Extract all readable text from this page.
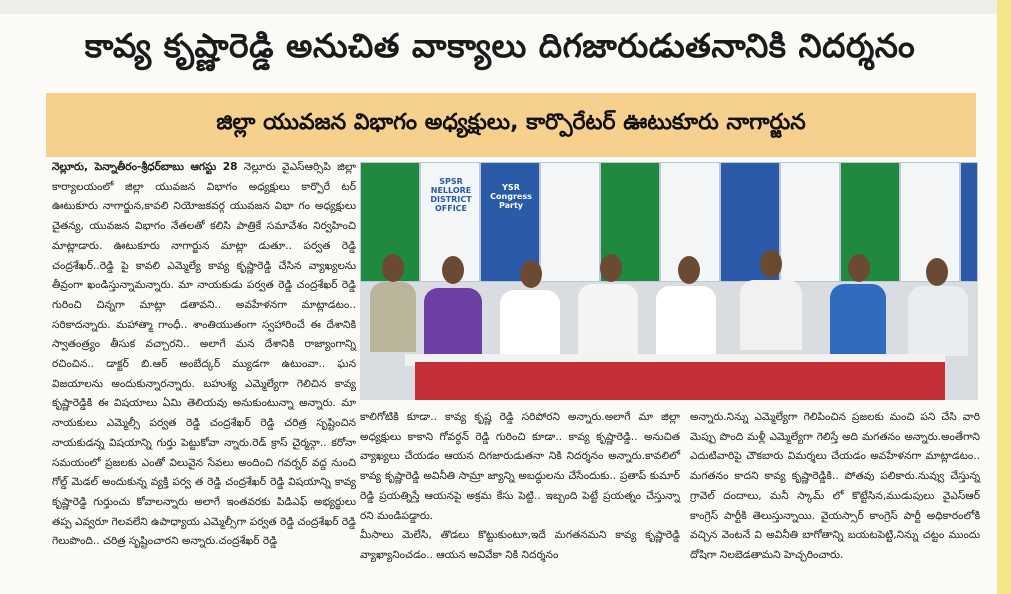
కావ్య కృష్ణారెడ్డి అనుచిత వాక్యాలు దిగజారుడుతనానికి నిదర్శనం
జిల్లా యువజన విభాగం అధ్యక్షులు, కార్పొరేటర్ ఊటుకూరు నాగార్జున

నెల్లూరు, పెన్నాతీరం-శ్రీధర్‌బాబు ఆగస్టు 28 నెల్లూరు వైఎస్ఆర్సిపి జిల్లా కార్యాలయంలో జిల్లా యువజన విభాగం అధ్యక్షులు కార్పొరే టర్ ఊటుకూరు నాగార్జున,కావలి నియోజకవర్గ యువజన విభా గం అధ్యక్షులు చైతన్య, యువజన విభాగం నేతలతో కలిసి పాత్రికే సమావేశం నిర్వహించి మాట్లాడారు. ఊటుకూరు నాగార్జున మాట్లా డుతూ.. పర్వత రెడ్డి చంద్రశేఖర్..రెడ్డి పై కావలి ఎమ్మెల్యే కావ్య కృష్ణారెడ్డి చేసిన వ్యాఖ్యలను తీవ్రంగా ఖండిస్తున్నామన్నారు. మా నాయకుడు పర్వత రెడ్డి చంద్రశేఖర్ రెడ్డి గురించి చిన్నగా మాట్లా డతావని.. అవహేళనగా మాట్లాడటం.. సరికాదన్నారు. మహాత్మా గాంధీ.. శాంతియుతంగా స్వహారించే ఈ దేశానికి స్వాతంత్ర్యం తీసుక వచ్చారని.. అలాగే మన దేశానికి రాజ్యాంగాన్ని రచించిన.. డాక్టర్ బి.ఆర్ అంబేద్కర్ మ్యుడగా ఉటుంవా.. ఘన విజయాలను అందుకున్నారన్నారు. బహుశ్య ఎమ్మెల్యేగా గెలిచిన కావ్య కృష్ణారెడ్డికి ఈ విషయాలు ఏమి తెలియవు అనుకుంటున్నా అన్నారు. మా నాయకులు ఎమ్మెల్సీ పర్వత రెడ్డి చంద్రశేఖర్ రెడ్డి చరిత్ర సృష్టించిన నాయకుడన్న విషయాన్ని గుర్తు పెట్టుకోవా న్నారు.రెడ్ క్రాస్ చైర్మన్గా.. కరోనా సమయంలో ప్రజలకు ఎంతో విలువైన సేవలు అందించి గవర్నర్ వద్ద నుంచి గోల్డ్ మెడల్ అందుకున్న వ్యక్తి పర్వ త రెడ్డి చంద్రశేఖర్ రెడ్డి విషయాన్ని కావ్య కృష్ణారెడ్డి గుర్తుంచు కోవాలన్నారు అలాగే ఇంతవరకు పిడిఎఫ్ అభ్యర్థులు తప్ప ఎవ్వరూ గెలవలేని ఉపాధ్యాయ ఎమ్మెల్సీగా పర్వత రెడ్డి చంద్రశేఖర్ రెడ్డి గెలుపొంది.. చరిత్ర సృష్టించారని అన్నారు.చంద్రశేఖర్ రెడ్డి

SPSR NELLORE DISTRICT OFFICE
YSR Congress Party

కాలిగోటికి కూడా.. కావ్య కృష్ణ రెడ్డి సరిపోరని అన్నారు.అలాగే మా జిల్లా అధ్యక్షులు కాకాని గోవర్ధన్ రెడ్డి గురించి కూడా.. కావ్య కృష్ణారెడ్డి.. అనుచిత వ్యాఖ్యలు చేయడం ఆయన దిగజారుడుతనా నికి నిదర్శనం అన్నారు.కావలిలో కావ్య కృష్ణారెడ్డి అవినీతి సామ్రా జ్యాన్ని అబద్ధులను చేసేందుకు.. ప్రతాప్ కుమార్ రెడ్డి ప్రయత్నిస్తే ఆయనపై అక్రమ కేసు పెట్టి.. ఇబ్బంది పెట్టే ప్రయత్నం చేస్తున్నా రని మండిపడ్డారు.

మీసాలు మెలేసి, తొడలు కొట్టుకుంటూ,ఇదే మగతనమని కావ్య కృష్ణారెడ్డి వ్యాఖ్యానించడం.. ఆయన అవివేకా నికి నిదర్శనం

అన్నారు.నిన్ను ఎమ్మెల్యేగా గెలిపించిన ప్రజలకు మంచి పని చేసి వారి మెప్పు పొంది మళ్లీ ఎమ్మెల్యేగా గెలిస్తే అది మగతనం అన్నారు.అంతేగాని ఎదుటివారిపై చౌకబారు విమర్శలు చేయడం అవహేళనగా మాట్లాడటం.. మగతనం కాదని కావ్య కృష్ణారెడ్డికి.. పోతవు పలికారు.నువ్వు చేస్తున్న గ్రావెల్ దందాలు, మనీ స్కామ్ లో కొట్టేసిన,ముడుపులు వైఎస్ఆర్ కాంగ్రెస్ పార్టీకి తెలుస్తున్నాయి. వైయస్సార్ కాంగ్రెస్ పార్టీ అధికారంలోకి వచ్చిన వెంటనే వి అవినీతి బాగోతాన్ని బయటపెట్టి,నిన్ను చట్టం ముందు దోషిగా నిలబెడతామని హెచ్చరించారు.
